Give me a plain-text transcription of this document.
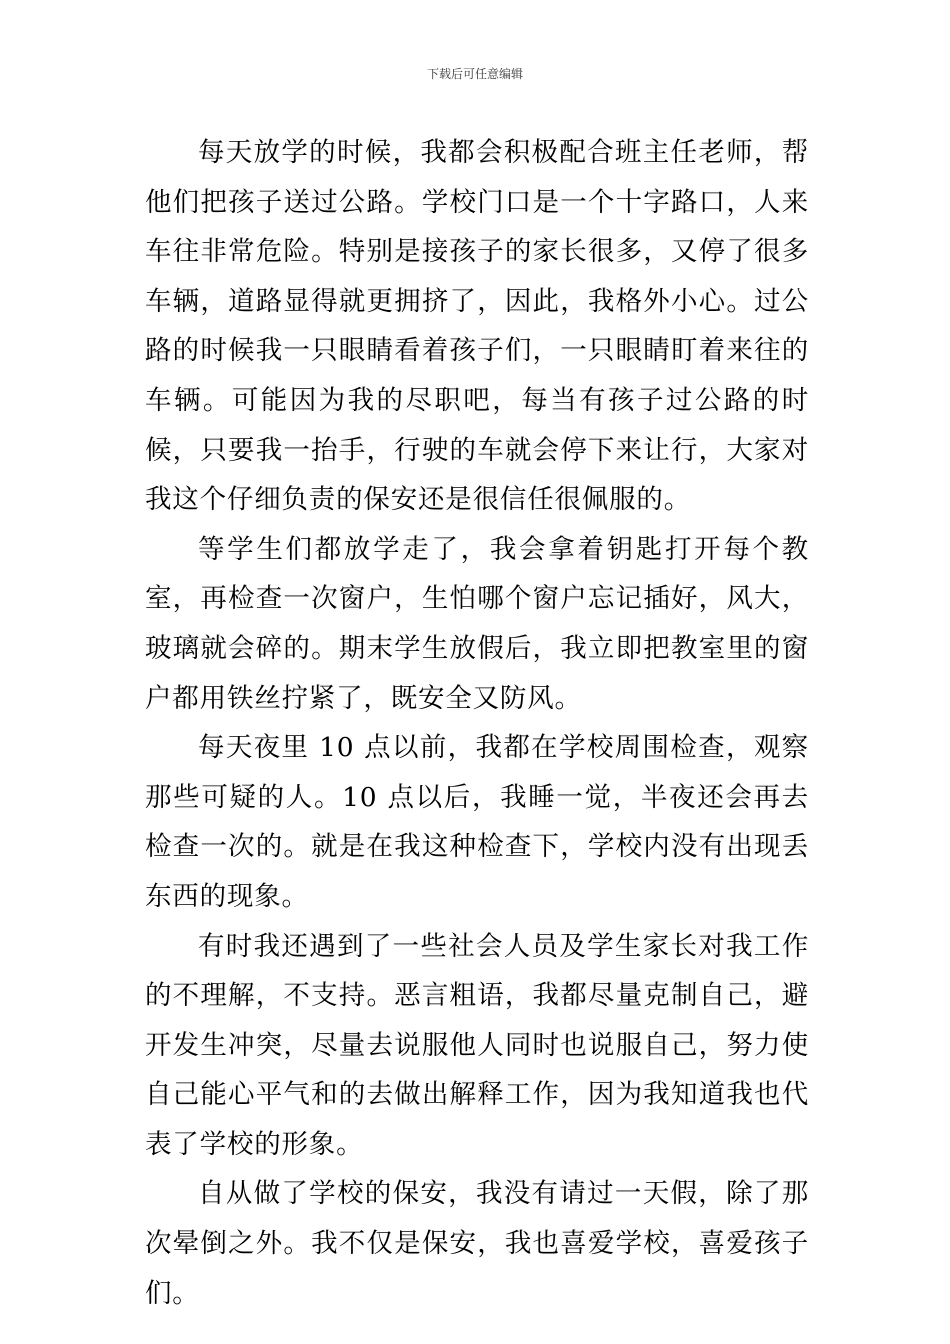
下载后可任意编辑

每天放学的时候，我都会积极配合班主任老师，帮他们把孩子送过公路。学校门口是一个十字路口，人来车往非常危险。特别是接孩子的家长很多，又停了很多车辆，道路显得就更拥挤了，因此，我格外小心。过公路的时候我一只眼睛看着孩子们，一只眼睛盯着来往的车辆。可能因为我的尽职吧，每当有孩子过公路的时候，只要我一抬手，行驶的车就会停下来让行，大家对我这个仔细负责的保安还是很信任很佩服的。

等学生们都放学走了，我会拿着钥匙打开每个教室，再检查一次窗户，生怕哪个窗户忘记插好，风大，玻璃就会碎的。期末学生放假后，我立即把教室里的窗户都用铁丝拧紧了，既安全又防风。

每天夜里 10 点以前，我都在学校周围检查，观察那些可疑的人。10 点以后，我睡一觉，半夜还会再去检查一次的。就是在我这种检查下，学校内没有出现丢东西的现象。

有时我还遇到了一些社会人员及学生家长对我工作的不理解，不支持。恶言粗语，我都尽量克制自己，避开发生冲突，尽量去说服他人同时也说服自己，努力使自己能心平气和的去做出解释工作，因为我知道我也代表了学校的形象。

自从做了学校的保安，我没有请过一天假，除了那次晕倒之外。我不仅是保安，我也喜爱学校，喜爱孩子们。
